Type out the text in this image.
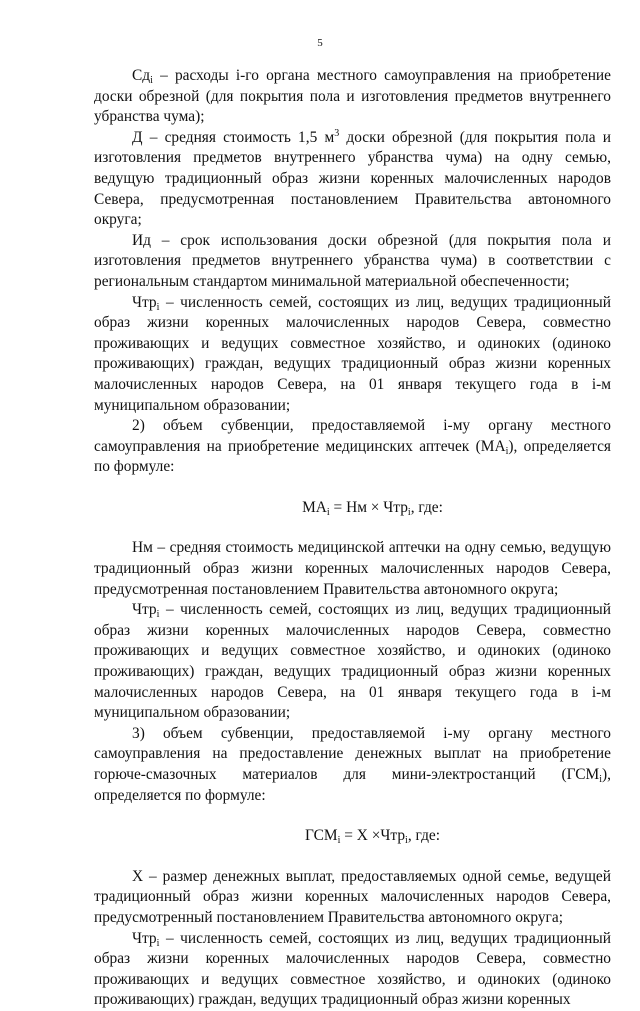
5

$Сд_i$ – расходы i-го органа местного самоуправления на приобретение доски обрезной (для покрытия пола и изготовления предметов внутреннего убранства чума);

Д – средняя стоимость 1,5 $м^3$ доски обрезной (для покрытия пола и изготовления предметов внутреннего убранства чума) на одну семью, ведущую традиционный образ жизни коренных малочисленных народов Севера, предусмотренная постановлением Правительства автономного округа;

Ид – срок использования доски обрезной (для покрытия пола и изготовления предметов внутреннего убранства чума) в соответствии с региональным стандартом минимальной материальной обеспеченности;

Чтр$_i$ – численность семей, состоящих из лиц, ведущих традиционный образ жизни коренных малочисленных народов Севера, совместно проживающих и ведущих совместное хозяйство, и одиноких (одиноко проживающих) граждан, ведущих традиционный образ жизни коренных малочисленных народов Севера, на 01 января текущего года в i-м муниципальном образовании;

2) объем субвенции, предоставляемой i-му органу местного самоуправления на приобретение медицинских аптечек $(МА_i)$, определяется по формуле:

$МА_i$ = Нм × Чтр$_i$, где:

Нм – средняя стоимость медицинской аптечки на одну семью, ведущую традиционный образ жизни коренных малочисленных народов Севера, предусмотренная постановлением Правительства автономного округа;

Чтр$_i$ – численность семей, состоящих из лиц, ведущих традиционный образ жизни коренных малочисленных народов Севера, совместно проживающих и ведущих совместное хозяйство, и одиноких (одиноко проживающих) граждан, ведущих традиционный образ жизни коренных малочисленных народов Севера, на 01 января текущего года в i-м муниципальном образовании;

3) объем субвенции, предоставляемой i-му органу местного самоуправления на предоставление денежных выплат на приобретение горюче-смазочных материалов для мини-электростанций $(ГСМ_i)$, определяется по формуле:

$ГСМ_i = Х \times Чтр_i$, где:

Х – размер денежных выплат, предоставляемых одной семье, ведущей традиционный образ жизни коренных малочисленных народов Севера, предусмотренный постановлением Правительства автономного округа;

Чтр$_i$ – численность семей, состоящих из лиц, ведущих традиционный образ жизни коренных малочисленных народов Севера, совместно проживающих и ведущих совместное хозяйство, и одиноких (одиноко проживающих) граждан, ведущих традиционный образ жизни коренных
